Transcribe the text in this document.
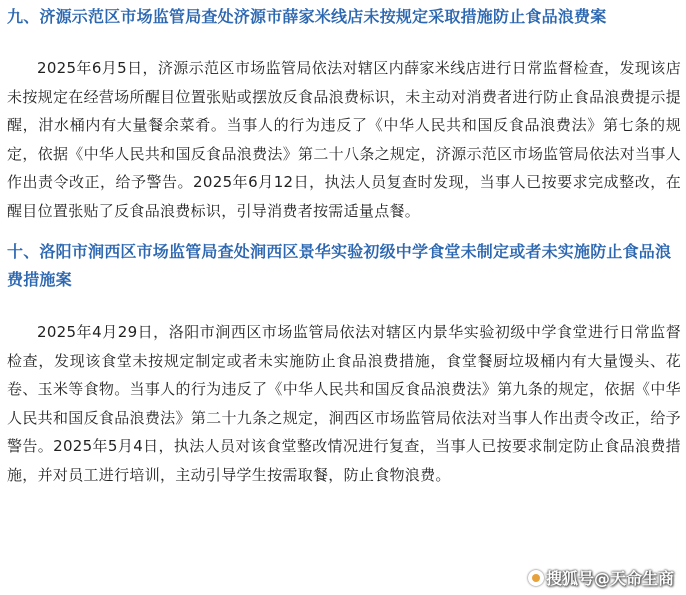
九、济源示范区市场监管局查处济源市薛家米线店未按规定采取措施防止食品浪费案

2025年6月5日，济源示范区市场监管局依法对辖区内薛家米线店进行日常监督检查，发现该店未按规定在经营场所醒目位置张贴或摆放反食品浪费标识，未主动对消费者进行防止食品浪费提示提醒，泔水桶内有大量餐余菜肴。当事人的行为违反了《中华人民共和国反食品浪费法》第七条的规定，依据《中华人民共和国反食品浪费法》第二十八条之规定，济源示范区市场监管局依法对当事人作出责令改正，给予警告。2025年6月12日，执法人员复查时发现，当事人已按要求完成整改，在醒目位置张贴了反食品浪费标识，引导消费者按需适量点餐。

十、洛阳市涧西区市场监管局查处涧西区景华实验初级中学食堂未制定或者未实施防止食品浪费措施案

2025年4月29日，洛阳市涧西区市场监管局依法对辖区内景华实验初级中学食堂进行日常监督检查，发现该食堂未按规定制定或者未实施防止食品浪费措施，食堂餐厨垃圾桶内有大量馒头、花卷、玉米等食物。当事人的行为违反了《中华人民共和国反食品浪费法》第九条的规定，依据《中华人民共和国反食品浪费法》第二十九条之规定，涧西区市场监管局依法对当事人作出责令改正，给予警告。2025年5月4日，执法人员对该食堂整改情况进行复查，当事人已按要求制定防止食品浪费措施，并对员工进行培训，主动引导学生按需取餐，防止食物浪费。

搜狐号@天命生商
